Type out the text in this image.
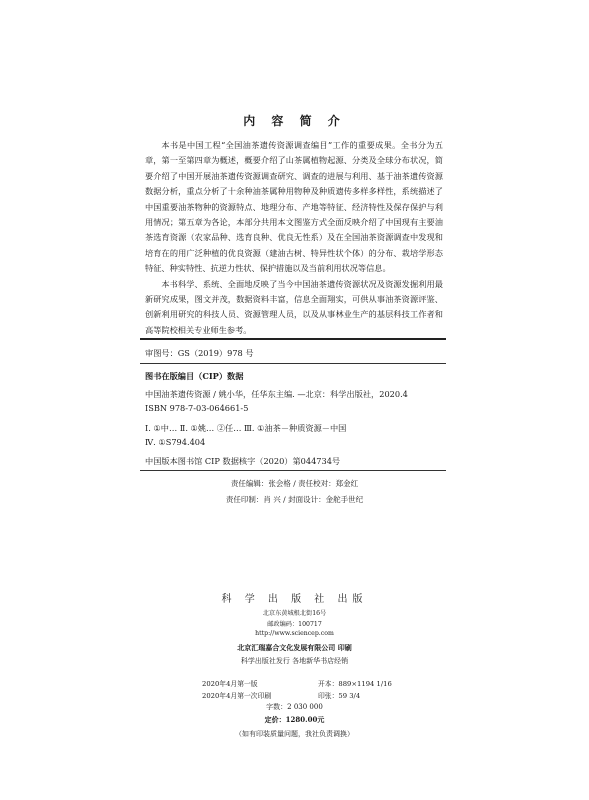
内 容 简 介

本书是中国工程“全国油茶遗传资源调查编目”工作的重要成果。全书分为五章，第一至第四章为概述，概要介绍了山茶属植物起源、分类及全球分布状况，简要介绍了中国开展油茶遗传资源调查研究、调查的进展与利用、基于油茶遗传资源数据分析，重点分析了十余种油茶属种用物种及种质遗传多样多样性，系统描述了中国重要油茶物种的资源特点、地理分布、产地等特征、经济特性及保存保护与利用情况；第五章为各论，本部分共用本文图鉴方式全面反映介绍了中国现有主要油茶选育资源（农家品种、选育良种、优良无性系）及在全国油茶资源调查中发现和培育在的用广泛种植的优良资源（建油古树、特异性状个体）的分布、栽培学形态特征、种实特性、抗逆力性状、保护措施以及当前利用状况等信息。

本书科学、系统、全面地反映了当今中国油茶遗传资源状况及资源发掘利用最新研究成果，图文并茂，数据资料丰富，信息全面翔实，可供从事油茶资源评鉴、创新利用研究的科技人员、资源管理人员，以及从事林业生产的基层科技工作者和高等院校相关专业师生参考。

审图号：GS（2019）978 号
图书在版编目（CIP）数据
中国油茶遗传资源 / 姚小华，任华东主编. —北京：科学出版社，2020.4
ISBN 978-7-03-064661-5
Ⅰ. ①中… Ⅱ. ①姚… ②任… Ⅲ. ①油茶－种质资源－中国
Ⅳ. ①S794.404
中国版本图书馆 CIP 数据核字（2020）第044734号
责任编辑：张会格 / 责任校对：郑金红
责任印制：肖 兴 / 封面设计：金舵手世纪
科 学 出 版 社 出版
北京东黄城根北街16号
邮政编码：100717
http://www.sciencep.com
北京汇瑞嘉合文化发展有限公司 印刷
科学出版社发行 各地新华书店经销
2020年4月第一版	开本：889×1194 1/16
2020年4月第一次印刷	印张：59 3/4
字数：2 030 000
定价：1280.00元
（如有印装质量问题，我社负责调换）
